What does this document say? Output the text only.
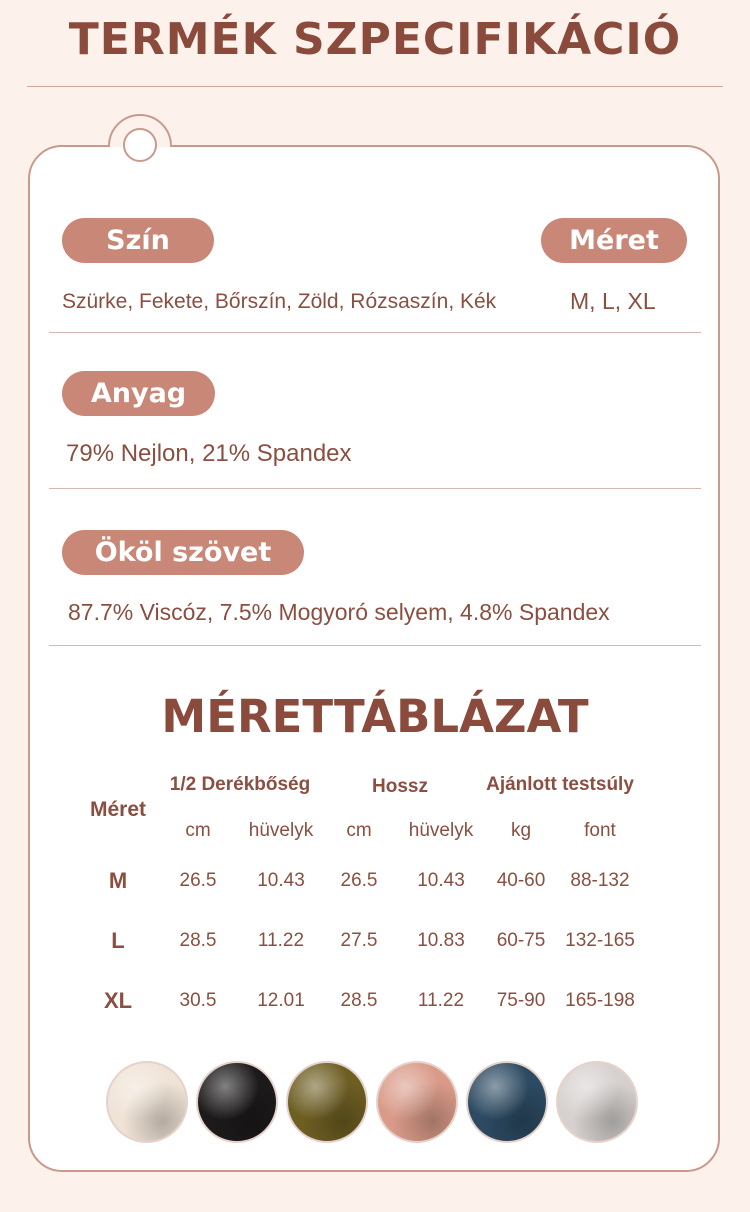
TERMÉK SZPECIFIKÁCIÓ
Szín	Méret
Szürke, Fekete, Bőrszín, Zöld, Rózsaszín, Kék	M, L, XL
Anyag
79% Nejlon, 21% Spandex
Ököl szövet
87.7% Viscóz, 7.5% Mogyoró selyem, 4.8% Spandex
MÉRETTÁBLÁZAT
Méret
1/2 Derékbőség	Hossz	Ajánlott testsúly
cm	hüvelyk	cm	hüvelyk	kg	font
M	26.5	10.43	26.5	10.43	40-60	88-132
L	28.5	11.22	27.5	10.83	60-75	132-165
XL	30.5	12.01	28.5	11.22	75-90	165-198
